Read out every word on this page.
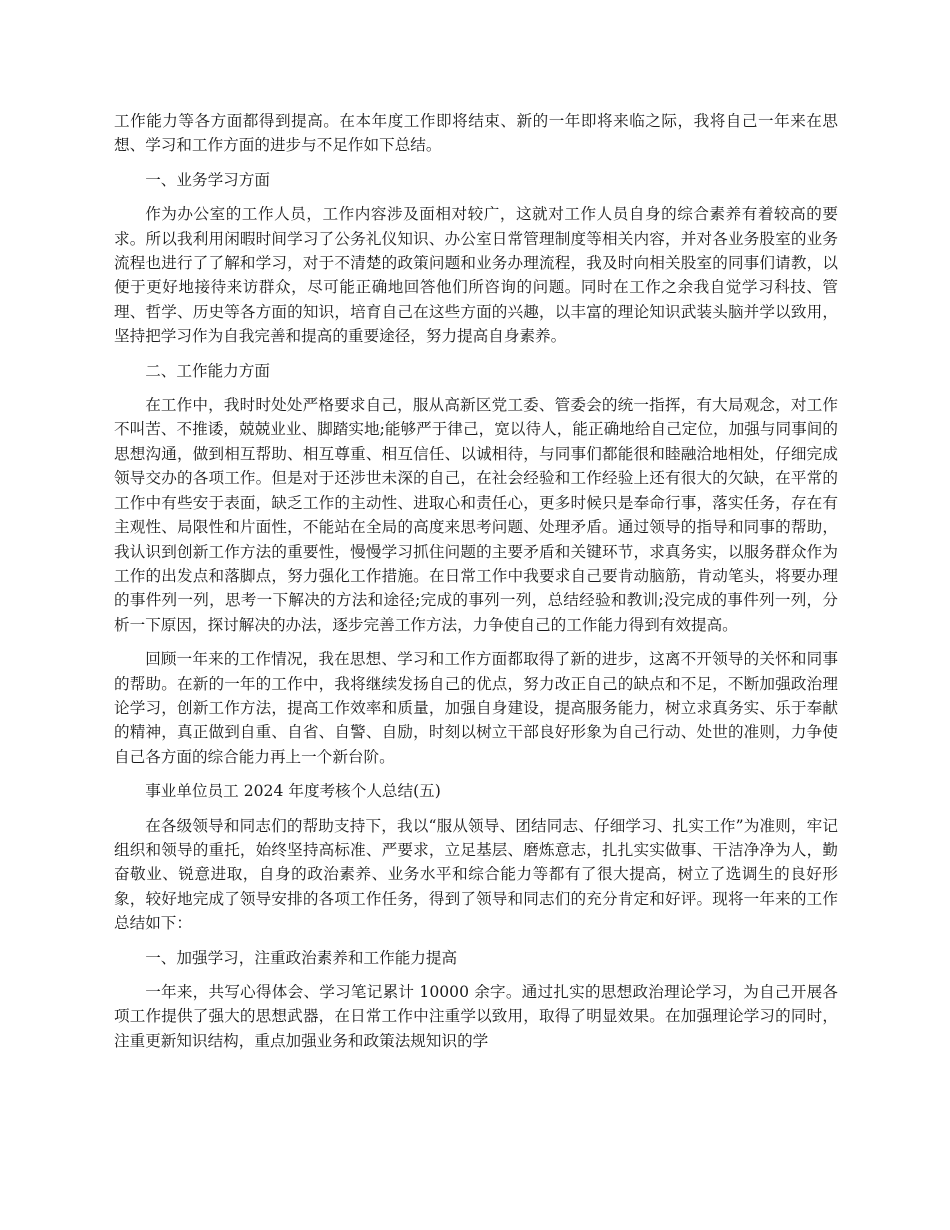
工作能力等各方面都得到提高。在本年度工作即将结束、新的一年即将来临之际，我将自己一年来在思想、学习和工作方面的进步与不足作如下总结。

一、业务学习方面

作为办公室的工作人员，工作内容涉及面相对较广，这就对工作人员自身的综合素养有着较高的要求。所以我利用闲暇时间学习了公务礼仪知识、办公室日常管理制度等相关内容，并对各业务股室的业务流程也进行了了解和学习，对于不清楚的政策问题和业务办理流程，我及时向相关股室的同事们请教，以便于更好地接待来访群众，尽可能正确地回答他们所咨询的问题。同时在工作之余我自觉学习科技、管理、哲学、历史等各方面的知识，培育自己在这些方面的兴趣，以丰富的理论知识武装头脑并学以致用，坚持把学习作为自我完善和提高的重要途径，努力提高自身素养。

二、工作能力方面

在工作中，我时时处处严格要求自己，服从高新区党工委、管委会的统一指挥，有大局观念，对工作不叫苦、不推诿，兢兢业业、脚踏实地;能够严于律己，宽以待人，能正确地给自己定位，加强与同事间的思想沟通，做到相互帮助、相互尊重、相互信任、以诚相待，与同事们都能很和睦融洽地相处，仔细完成领导交办的各项工作。但是对于还涉世未深的自己，在社会经验和工作经验上还有很大的欠缺，在平常的工作中有些安于表面，缺乏工作的主动性、进取心和责任心，更多时候只是奉命行事，落实任务，存在有主观性、局限性和片面性，不能站在全局的高度来思考问题、处理矛盾。通过领导的指导和同事的帮助，我认识到创新工作方法的重要性，慢慢学习抓住问题的主要矛盾和关键环节，求真务实，以服务群众作为工作的出发点和落脚点，努力强化工作措施。在日常工作中我要求自己要肯动脑筋，肯动笔头，将要办理的事件列一列，思考一下解决的方法和途径;完成的事列一列，总结经验和教训;没完成的事件列一列，分析一下原因，探讨解决的办法，逐步完善工作方法，力争使自己的工作能力得到有效提高。

回顾一年来的工作情况，我在思想、学习和工作方面都取得了新的进步，这离不开领导的关怀和同事的帮助。在新的一年的工作中，我将继续发扬自己的优点，努力改正自己的缺点和不足，不断加强政治理论学习，创新工作方法，提高工作效率和质量，加强自身建设，提高服务能力，树立求真务实、乐于奉献的精神，真正做到自重、自省、自警、自励，时刻以树立干部良好形象为自己行动、处世的准则，力争使自己各方面的综合能力再上一个新台阶。

事业单位员工 2024 年度考核个人总结(五)

在各级领导和同志们的帮助支持下，我以“服从领导、团结同志、仔细学习、扎实工作”为准则，牢记组织和领导的重托，始终坚持高标准、严要求，立足基层、磨炼意志，扎扎实实做事、干洁净净为人，勤奋敬业、锐意进取，自身的政治素养、业务水平和综合能力等都有了很大提高，树立了选调生的良好形象，较好地完成了领导安排的各项工作任务，得到了领导和同志们的充分肯定和好评。现将一年来的工作总结如下：

一、加强学习，注重政治素养和工作能力提高

一年来，共写心得体会、学习笔记累计 10000 余字。通过扎实的思想政治理论学习，为自己开展各项工作提供了强大的思想武器，在日常工作中注重学以致用，取得了明显效果。在加强理论学习的同时，注重更新知识结构，重点加强业务和政策法规知识的学
